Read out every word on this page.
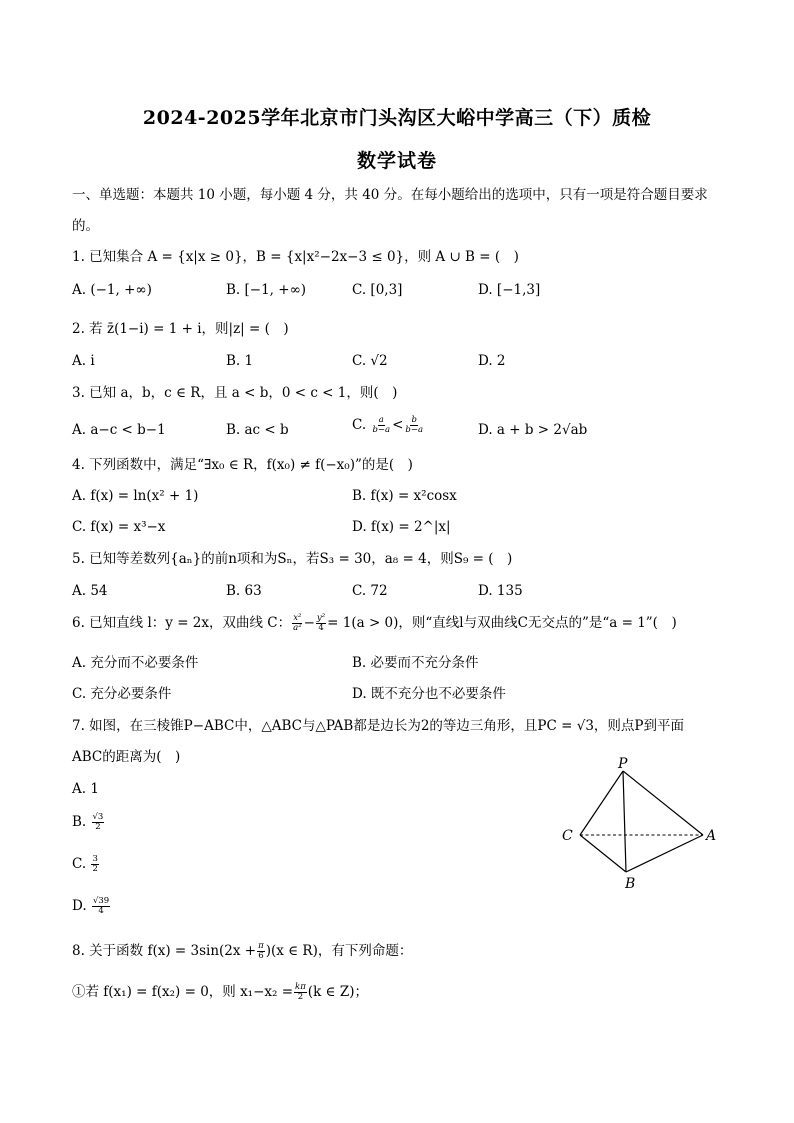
2024-2025学年北京市门头沟区大峪中学高三（下）质检
数学试卷
一、单选题：本题共 10 小题，每小题 4 分，共 40 分。在每小题给出的选项中，只有一项是符合题目要求
的。
1. 已知集合 A = {x|x ≥ 0}，B = {x|x²−2x−3 ≤ 0}，则 A ∪ B = (　)
A. (−1, +∞)	B. [−1, +∞)	C. [0,3]	D. [−1,3]
2. 若 z̄(1−i) = 1 + i，则|z| = (　)
A. i	B. 1	C. √2	D. 2
3. 已知 a，b，c ∈ R，且 a < b，0 < c < 1，则(　)
A. a−c < b−1	B. ac < b	C. $\frac{a}{b-a} < \frac{b}{b-a}$	D. a + b > 2√ab
4. 下列函数中，满足“∃x₀ ∈ R，f(x₀) ≠ f(−x₀)”的是(　)
A. f(x) = ln(x² + 1)	B. f(x) = x²cosx
C. f(x) = x³−x	D. f(x) = 2^|x|
5. 已知等差数列{aₙ}的前n项和为Sₙ，若S₃ = 30，a₈ = 4，则S₉ = (　)
A. 54	B. 63	C. 72	D. 135
6. 已知直线 l：y = 2x，双曲线 C： $\frac{\text{x²}}{\text{a²}} - \frac{\text{y²}}{4} = 1(a > 0)$，则“直线l与双曲线C无交点的”是“a = 1”(　)
A. 充分而不必要条件	B. 必要而不充分条件
C. 充分必要条件	D. 既不充分也不必要条件
7. 如图，在三棱锥P−ABC中，△ABC与△PAB都是边长为2的等边三角形，且PC = √3，则点P到平面
ABC的距离为(　)
A. 1
B. $\frac{√3}{2}$
C. $\frac{3}{2}$
D. $\frac{√39}{4}$
P
C	A
B
8. 关于函数 $f(x) = 3\sin(2x + \frac{\pi}{6} )(x$ ∈ R)，有下列命题：
①若 f(x₁) = f(x₂) = 0，则 $x_1-x_2 = \frac{k\pi}{2} (k$ ∈ Z)；
